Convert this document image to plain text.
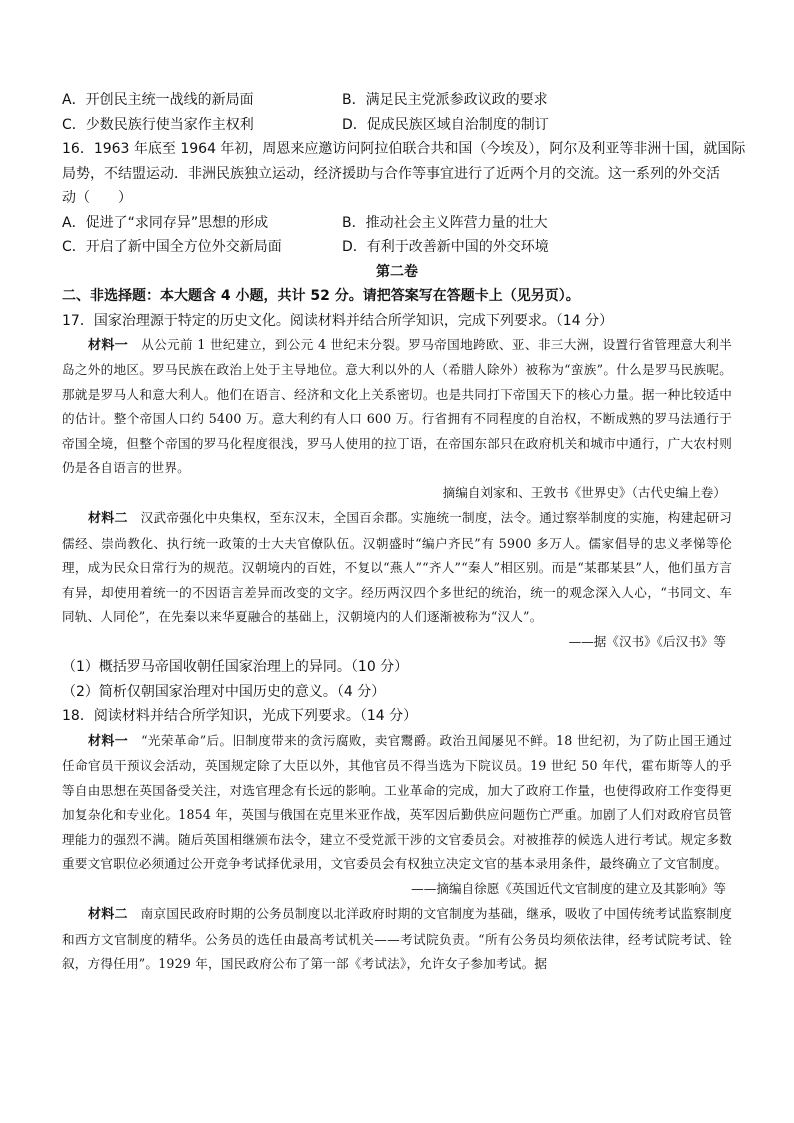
A．开创民主统一战线的新局面	B．满足民主党派参政议政的要求
C．少数民族行使当家作主权利	D．促成民族区域自治制度的制订
16．1963 年底至 1964 年初，周恩来应邀访问阿拉伯联合共和国（今埃及），阿尔及利亚等非洲十国，就国际
局势，不结盟运动．非洲民族独立运动，经济援助与合作等事宜进行了近两个月的交流。这一系列的外交活
动（　　）
A．促进了“求同存异”思想的形成	B．推动社会主义阵营力量的壮大
C．开启了新中国全方位外交新局面	D．有利于改善新中国的外交环境
第二卷
二、非选择题：本大题含 4 小题，共计 52 分。请把答案写在答题卡上（见另页）。
17．国家治理源于特定的历史文化。阅读材料并结合所学知识，完成下列要求。（14 分）

材料一 从公元前 1 世纪建立，到公元 4 世纪末分裂。罗马帝国地跨欧、亚、非三大洲，设置行省管理意大利半岛之外的地区。罗马民族在政治上处于主导地位。意大利以外的人（希腊人除外）被称为“蛮族”。什么是罗马民族呢。那就是罗马人和意大利人。他们在语言、经济和文化上关系密切。也是共同打下帝国天下的核心力量。据一种比较适中的估计。整个帝国人口约 5400 万。意大利约有人口 600 万。行省拥有不同程度的自治权，不断成熟的罗马法通行于帝国全境，但整个帝国的罗马化程度很浅，罗马人使用的拉丁语，在帝国东部只在政府机关和城市中通行，广大农村则仍是各自语言的世界。

摘编自刘家和、王敦书《世界史》（古代史编上卷）

材料二 汉武帝强化中央集权，至东汉末，全国百余郡。实施统一制度，法令。通过察举制度的实施，构建起研习儒经、崇尚教化、执行统一政策的士大夫官僚队伍。汉朝盛时“编户齐民”有 5900 多万人。儒家倡导的忠义孝悌等伦理，成为民众日常行为的规范。汉朝境内的百姓，不复以“燕人”“齐人”“秦人”相区别。而是“某郡某县”人，他们虽方言有异，却使用着统一的不因语言差异而改变的文字。经历两汉四个多世纪的统治，统一的观念深入人心，“书同文、车同轨、人同伦”，在先秦以来华夏融合的基础上，汉朝境内的人们逐渐被称为“汉人”。

——据《汉书》《后汉书》等
（1）概括罗马帝国收朝任国家治理上的异同。（10 分）
（2）简析仅朝国家治理对中国历史的意义。（4 分）
18．阅读材料并结合所学知识，光成下列要求。（14 分）

材料一 “光荣革命”后。旧制度带来的贪污腐败，卖官鬻爵。政治丑闻屡见不鲜。18 世纪初，为了防止国王通过任命官员干预议会活动，英国规定除了大臣以外，其他官员不得当选为下院议员。19 世纪 50 年代，霍布斯等人的乎等自由思想在英国备受关注，对选官理念有长远的影响。工业革命的完成，加大了政府工作量，也使得政府工作变得更加复杂化和专业化。1854 年，英国与俄国在克里米亚作战，英军因后勤供应问题伤亡严重。加剧了人们对政府官员管理能力的强烈不满。随后英国相继颁布法令，建立不受党派干涉的文官委员会。对被推荐的候选人进行考试。规定多数重要文官职位必须通过公开竞争考试择优录用，文官委员会有权独立决定文官的基本录用条件，最终确立了文官制度。

——摘编自徐愿《英国近代文官制度的建立及其影响》等

材料二 南京国民政府时期的公务员制度以北洋政府时期的文官制度为基础，继承，吸收了中国传统考试监察制度和西方文官制度的精华。公务员的选任由最高考试机关——考试院负责。“所有公务员均须依法律，经考试院考试、铨叙，方得任用”。1929 年，国民政府公布了第一部《考试法》，允许女子参加考试。据
